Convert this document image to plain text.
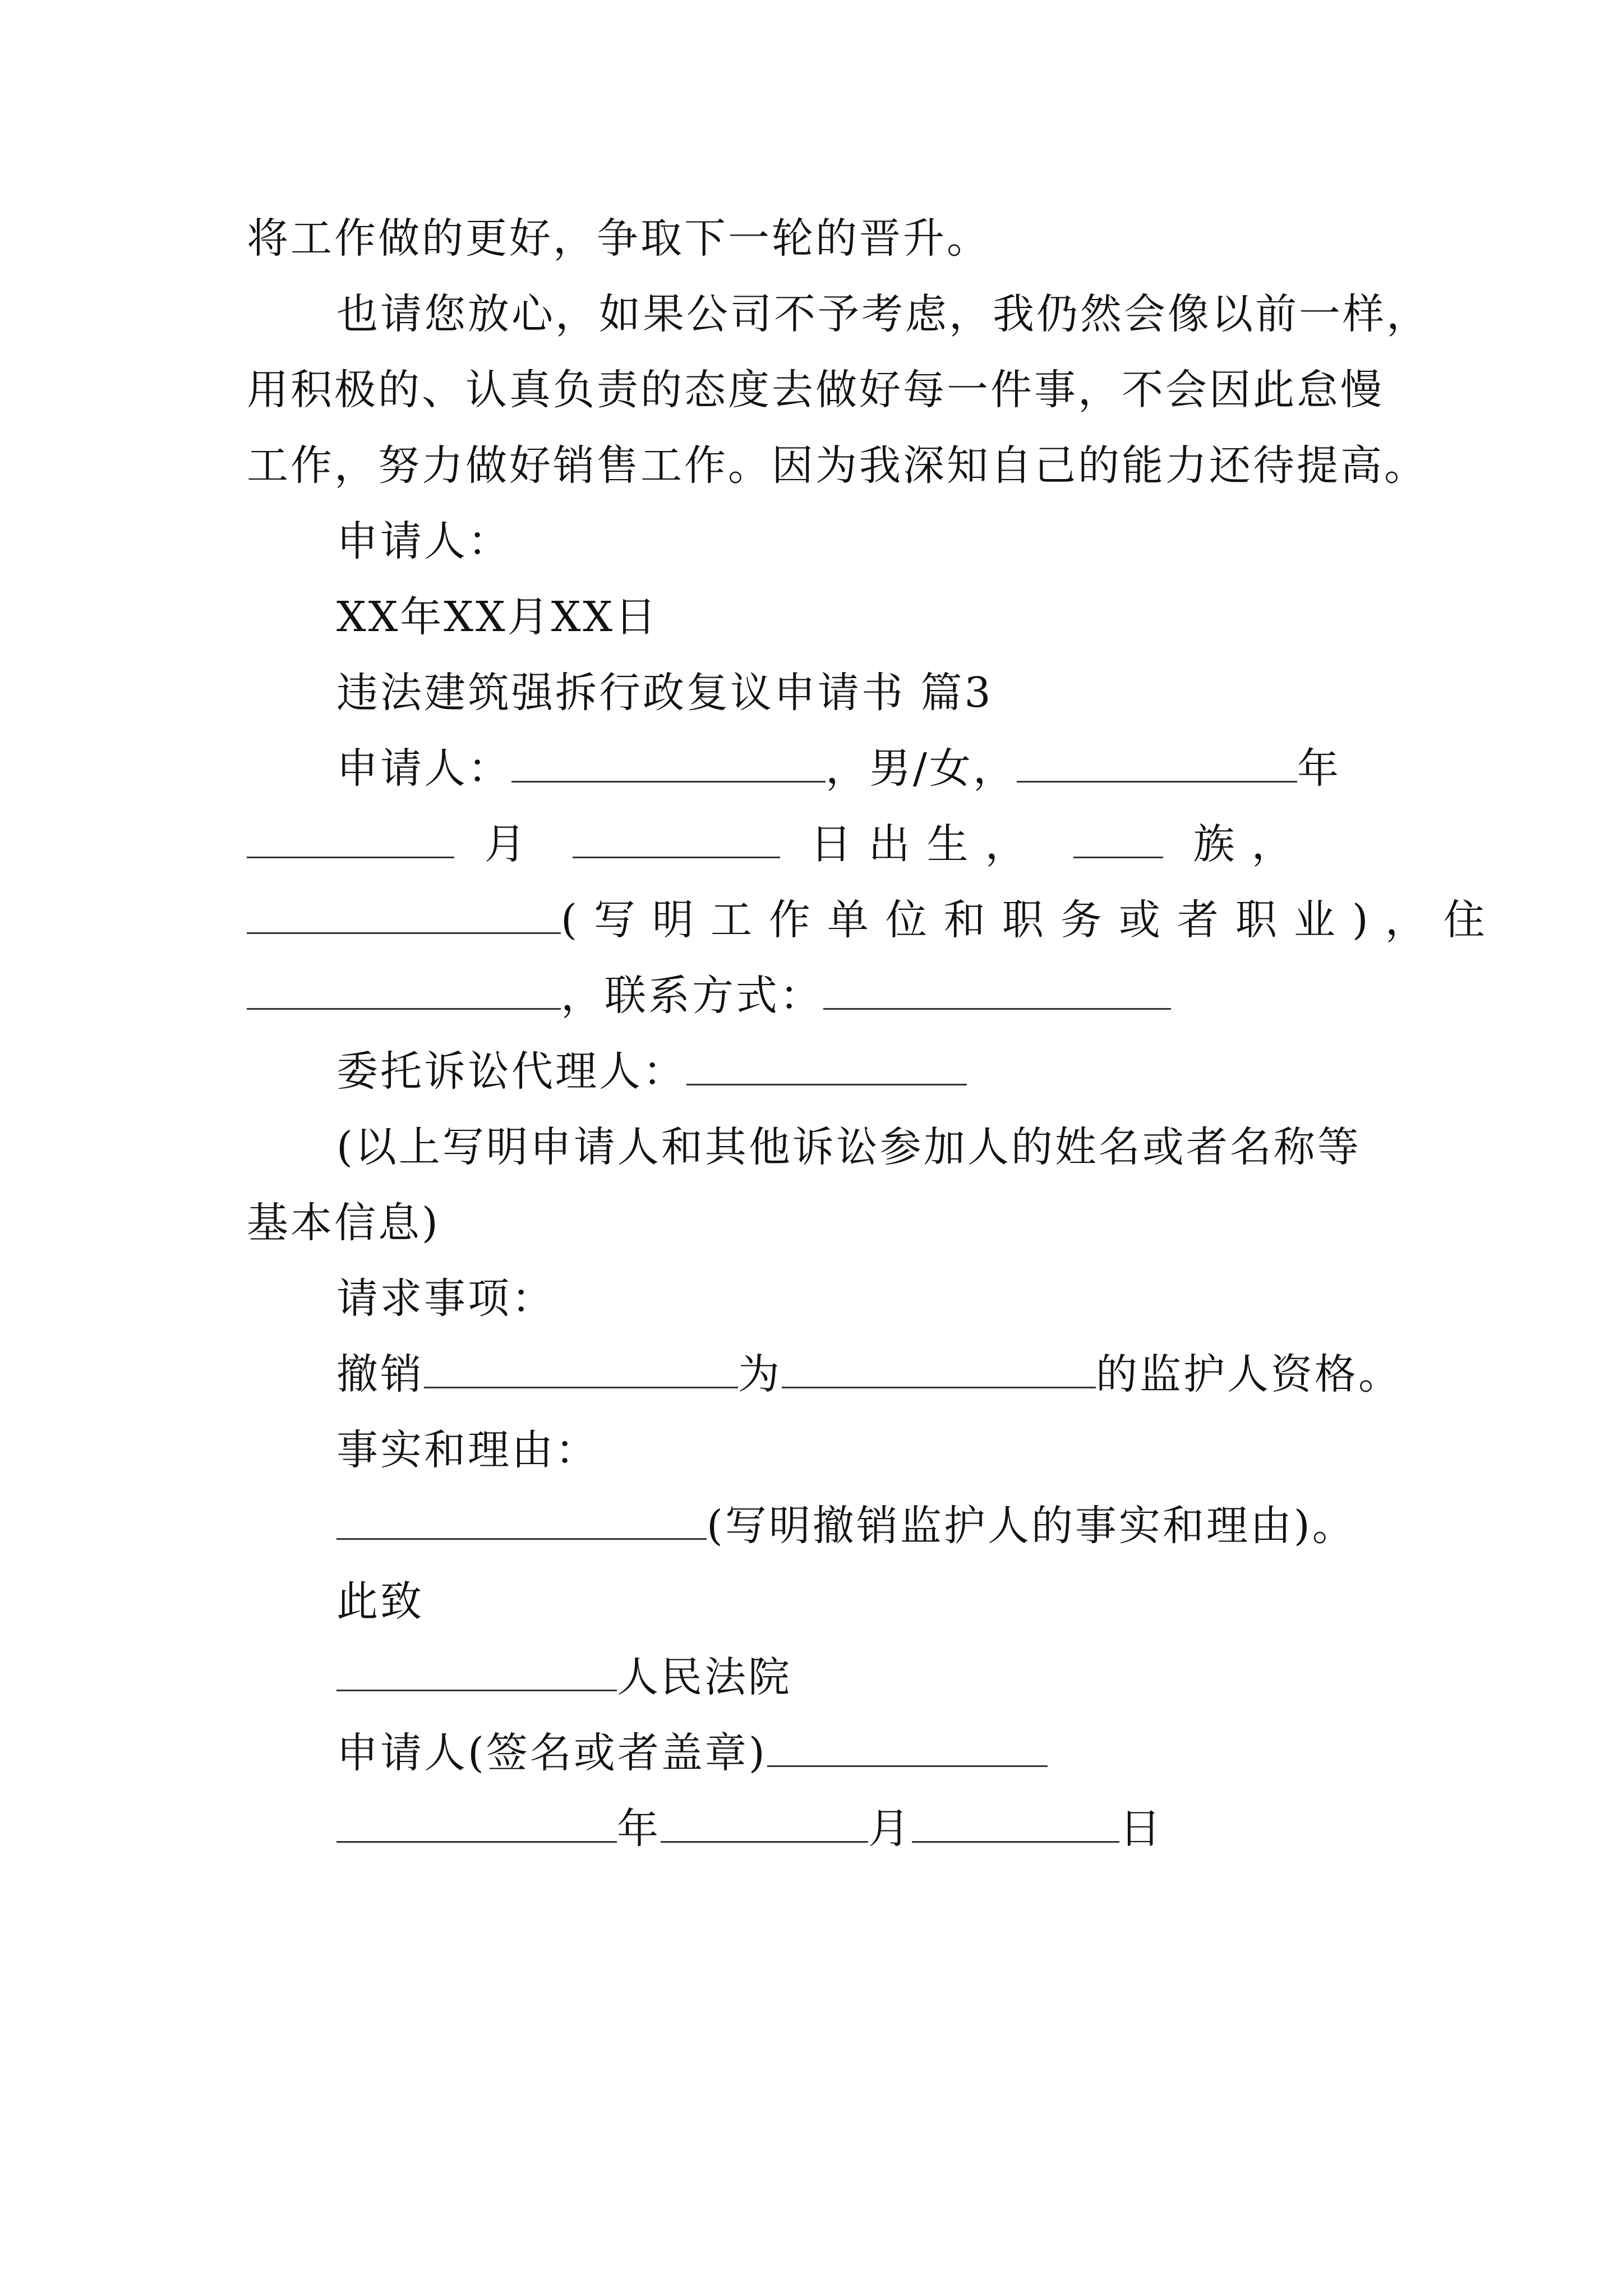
将工作做的更好，争取下一轮的晋升。
也请您放心，如果公司不予考虑，我仍然会像以前一样，
用积极的、认真负责的态度去做好每一件事，不会因此怠慢
工作，努力做好销售工作。因为我深知自己的能力还待提高。
申请人：
XX年XX月XX日
违法建筑强拆行政复议申请书 篇3
申请人：	，男/女，	年
月	日出生，	族，
(写明工作单位和职务或者职业)，住
，联系方式：
委托诉讼代理人：
(以上写明申请人和其他诉讼参加人的姓名或者名称等
基本信息)
请求事项：
撤销	为	的监护人资格。
事实和理由：
(写明撤销监护人的事实和理由)。
此致
人民法院
申请人(签名或者盖章)
年	月	日
